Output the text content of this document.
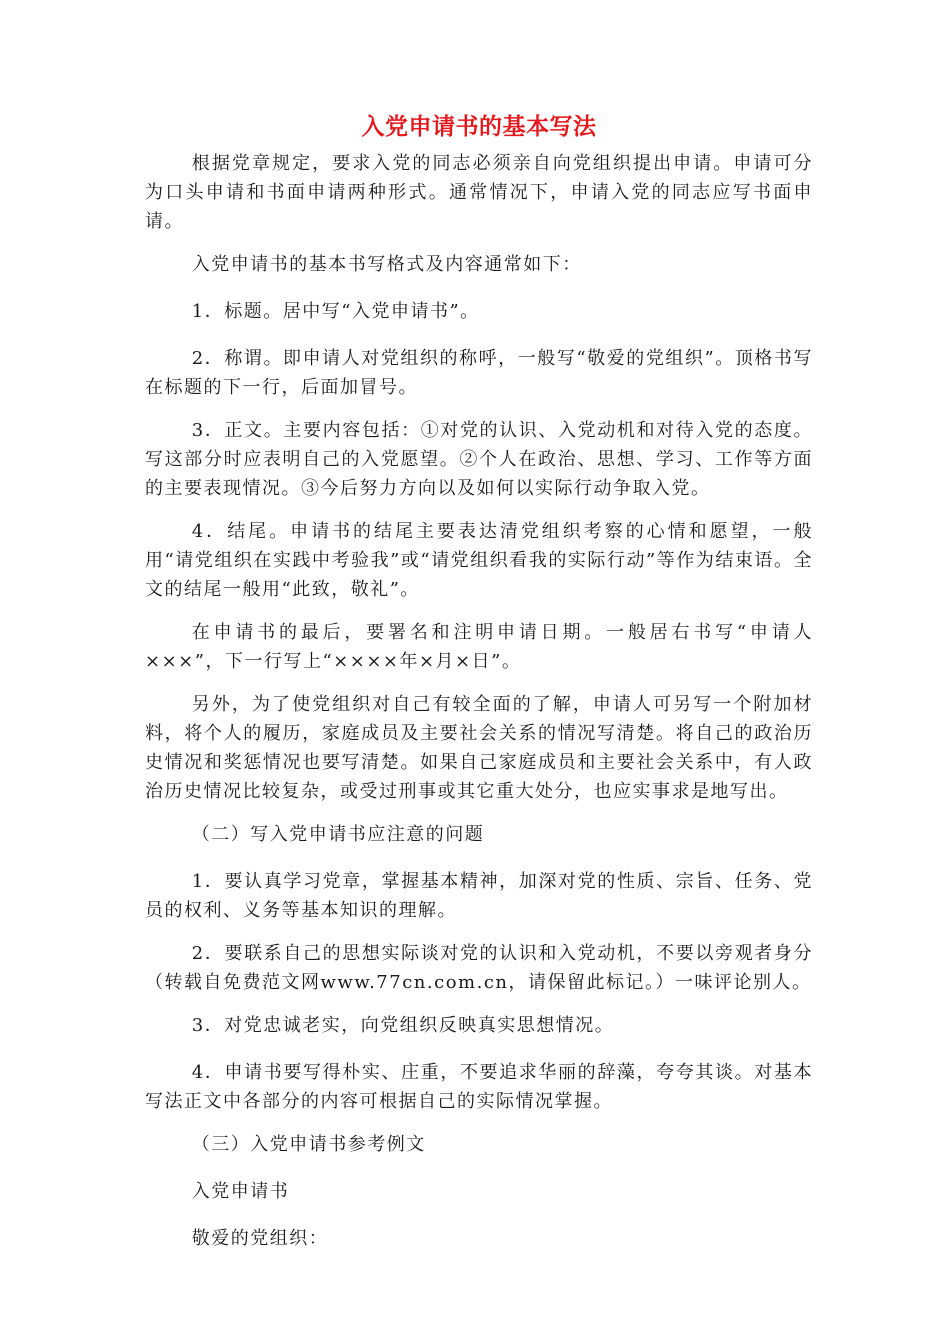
入党申请书的基本写法

根据党章规定，要求入党的同志必须亲自向党组织提出申请。申请可分为口头申请和书面申请两种形式。通常情况下，申请入党的同志应写书面申请。

入党申请书的基本书写格式及内容通常如下：

1．标题。居中写“入党申请书”。

2．称谓。即申请人对党组织的称呼，一般写“敬爱的党组织”。顶格书写在标题的下一行，后面加冒号。

3．正文。主要内容包括：①对党的认识、入党动机和对待入党的态度。写这部分时应表明自己的入党愿望。②个人在政治、思想、学习、工作等方面的主要表现情况。③今后努力方向以及如何以实际行动争取入党。

4．结尾。申请书的结尾主要表达清党组织考察的心情和愿望，一般用“请党组织在实践中考验我”或“请党组织看我的实际行动”等作为结束语。全文的结尾一般用“此致，敬礼”。

在申请书的最后，要署名和注明申请日期。一般居右书写“申请人×××”，下一行写上“××××年×月×日”。

另外，为了使党组织对自己有较全面的了解，申请人可另写一个附加材料，将个人的履历，家庭成员及主要社会关系的情况写清楚。将自己的政治历史情况和奖惩情况也要写清楚。如果自己家庭成员和主要社会关系中，有人政治历史情况比较复杂，或受过刑事或其它重大处分，也应实事求是地写出。

（二）写入党申请书应注意的问题

1．要认真学习党章，掌握基本精神，加深对党的性质、宗旨、任务、党员的权利、义务等基本知识的理解。

2．要联系自己的思想实际谈对党的认识和入党动机，不要以旁观者身分（转载自免费范文网www.77cn.com.cn，请保留此标记。）一味评论别人。

3．对党忠诚老实，向党组织反映真实思想情况。

4．申请书要写得朴实、庄重，不要追求华丽的辞藻，夸夸其谈。对基本写法正文中各部分的内容可根据自己的实际情况掌握。

（三）入党申请书参考例文

入党申请书

敬爱的党组织：
